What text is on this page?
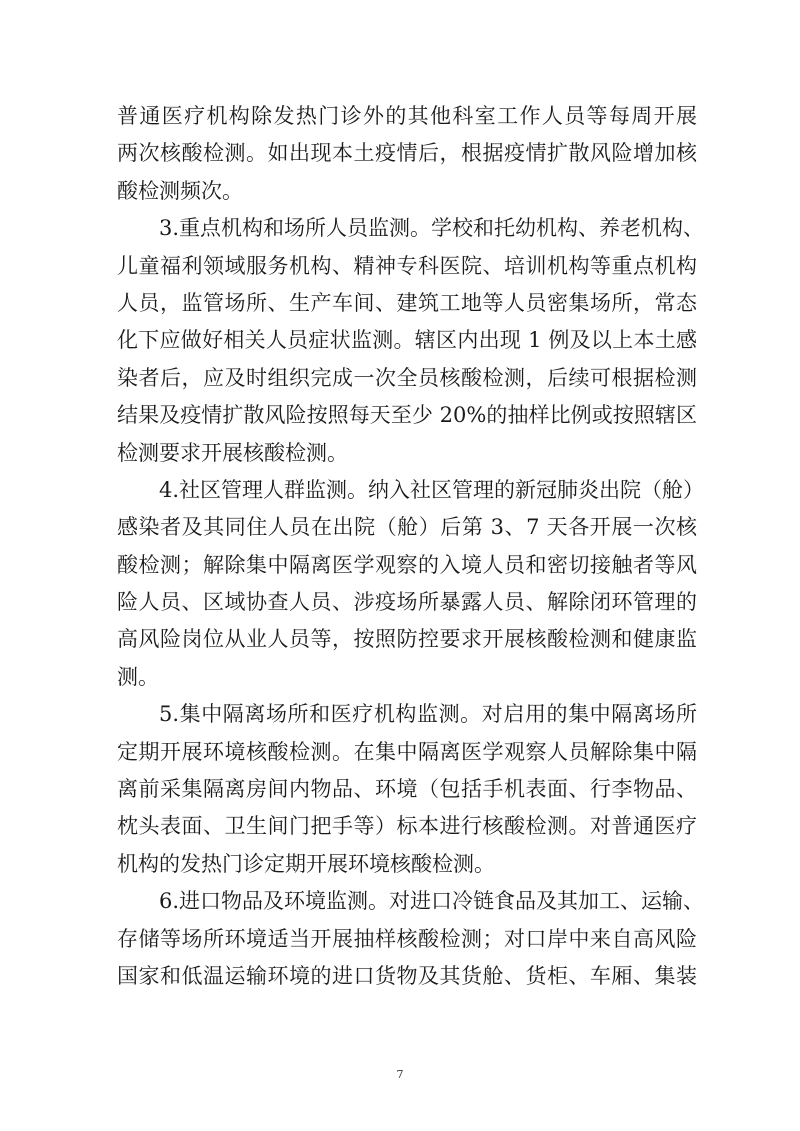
普通医疗机构除发热门诊外的其他科室工作人员等每周开展
两次核酸检测。如出现本土疫情后，根据疫情扩散风险增加核
酸检测频次。
3.重点机构和场所人员监测。学校和托幼机构、养老机构、
儿童福利领域服务机构、精神专科医院、培训机构等重点机构
人员，监管场所、生产车间、建筑工地等人员密集场所，常态
化下应做好相关人员症状监测。辖区内出现 1 例及以上本土感
染者后，应及时组织完成一次全员核酸检测，后续可根据检测
结果及疫情扩散风险按照每天至少 20%的抽样比例或按照辖区
检测要求开展核酸检测。
4.社区管理人群监测。纳入社区管理的新冠肺炎出院（舱）
感染者及其同住人员在出院（舱）后第 3、7 天各开展一次核
酸检测；解除集中隔离医学观察的入境人员和密切接触者等风
险人员、区域协查人员、涉疫场所暴露人员、解除闭环管理的
高风险岗位从业人员等，按照防控要求开展核酸检测和健康监
测。
5.集中隔离场所和医疗机构监测。对启用的集中隔离场所
定期开展环境核酸检测。在集中隔离医学观察人员解除集中隔
离前采集隔离房间内物品、环境（包括手机表面、行李物品、
枕头表面、卫生间门把手等）标本进行核酸检测。对普通医疗
机构的发热门诊定期开展环境核酸检测。
6.进口物品及环境监测。对进口冷链食品及其加工、运输、
存储等场所环境适当开展抽样核酸检测；对口岸中来自高风险
国家和低温运输环境的进口货物及其货舱、货柜、车厢、集装
7
